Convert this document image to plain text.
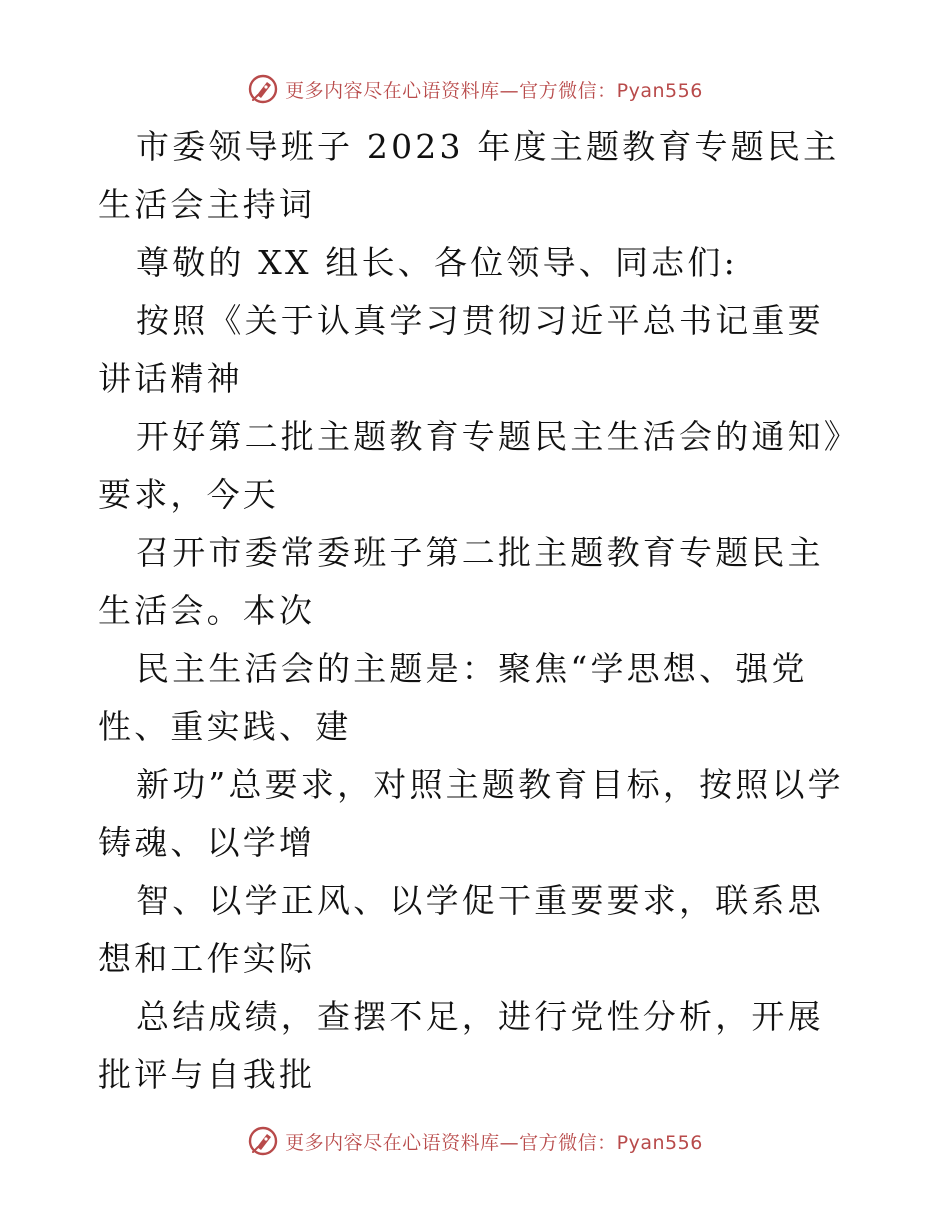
更多内容尽在心语资料库—官方微信：Pyan556

市委领导班子 2023 年度主题教育专题民主生活会主持词

尊敬的 XX 组长、各位领导、同志们:

按照《关于认真学习贯彻习近平总书记重要讲话精神

开好第二批主题教育专题民主生活会的通知》要求，今天

召开市委常委班子第二批主题教育专题民主生活会。本次

民主生活会的主题是：聚焦“学思想、强党性、重实践、建

新功”总要求，对照主题教育目标，按照以学铸魂、以学增

智、以学正风、以学促干重要要求，联系思想和工作实际

总结成绩，查摆不足，进行党性分析，开展批评与自我批

更多内容尽在心语资料库—官方微信：Pyan556
